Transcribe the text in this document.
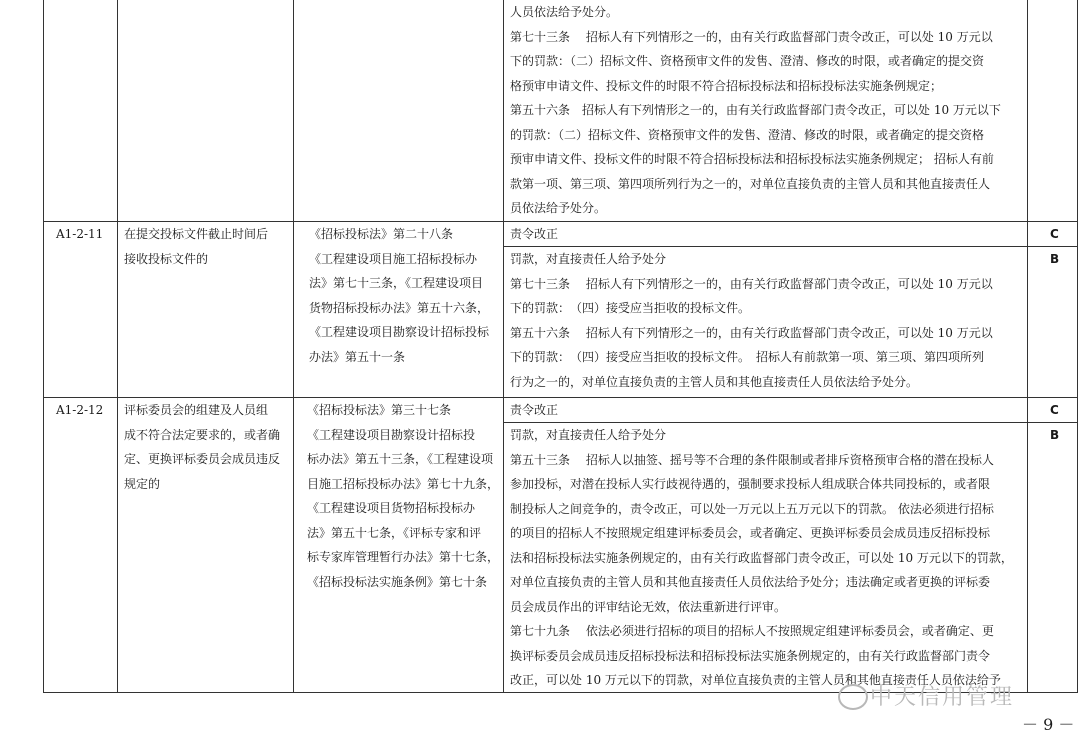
人员依法给予处分。
第七十三条　 招标人有下列情形之一的，由有关行政监督部门责令改正，可以处 10 万元以
下的罚款：（二）招标文件、资格预审文件的发售、澄清、修改的时限，或者确定的提交资
格预审申请文件、投标文件的时限不符合招标投标法和招标投标法实施条例规定；
第五十六条　招标人有下列情形之一的，由有关行政监督部门责令改正，可以处 10 万元以下
的罚款：（二）招标文件、资格预审文件的发售、澄清、修改的时限，或者确定的提交资格
预审申请文件、投标文件的时限不符合招标投标法和招标投标法实施条例规定； 招标人有前
款第一项、第三项、第四项所列行为之一的，对单位直接负责的主管人员和其他直接责任人
员依法给予处分。
A1-2-11 在提交投标文件截止时间后
接收投标文件的
《招标投标法》第二十八条
《工程建设项目施工招标投标办
法》第七十三条，《工程建设项目
货物招标投标办法》第五十六条，
《工程建设项目勘察设计招标投标
办法》第五十一条
责令改正	C
罚款，对直接责任人给予处分
第七十三条　 招标人有下列情形之一的，由有关行政监督部门责令改正，可以处 10 万元以
下的罚款：　（四）接受应当拒收的投标文件。
第五十六条　 招标人有下列情形之一的，由有关行政监督部门责令改正，可以处 10 万元以
下的罚款：　（四）接受应当拒收的投标文件。　招标人有前款第一项、第三项、第四项所列
行为之一的，对单位直接负责的主管人员和其他直接责任人员依法给予处分。
B
A1-2-12 评标委员会的组建及人员组
成不符合法定要求的，或者确
定、更换评标委员会成员违反
规定的
《招标投标法》第三十七条
《工程建设项目勘察设计招标投
标办法》第五十三条，《工程建设项
目施工招标投标办法》第七十九条，
《工程建设项目货物招标投标办
法》第五十七条，《评标专家和评
标专家库管理暂行办法》第十七条，
《招标投标法实施条例》第七十条
责令改正	C
罚款，对直接责任人给予处分
第五十三条　 招标人以抽签、摇号等不合理的条件限制或者排斥资格预审合格的潜在投标人
参加投标，对潜在投标人实行歧视待遇的，强制要求投标人组成联合体共同投标的，或者限
制投标人之间竞争的，责令改正，可以处一万元以上五万元以下的罚款。 依法必须进行招标
的项目的招标人不按照规定组建评标委员会，或者确定、更换评标委员会成员违反招标投标
法和招标投标法实施条例规定的，由有关行政监督部门责令改正，可以处 10 万元以下的罚款，
对单位直接负责的主管人员和其他直接责任人员依法给予处分；违法确定或者更换的评标委
员会成员作出的评审结论无效，依法重新进行评审。
第七十九条　 依法必须进行招标的项目的招标人不按照规定组建评标委员会，或者确定、更
换评标委员会成员违反招标投标法和招标投标法实施条例规定的，由有关行政监督部门责令
改正，可以处 10 万元以下的罚款，对单位直接负责的主管人员和其他直接责任人员依法给予
B
中天信用管理
－ 9 －
